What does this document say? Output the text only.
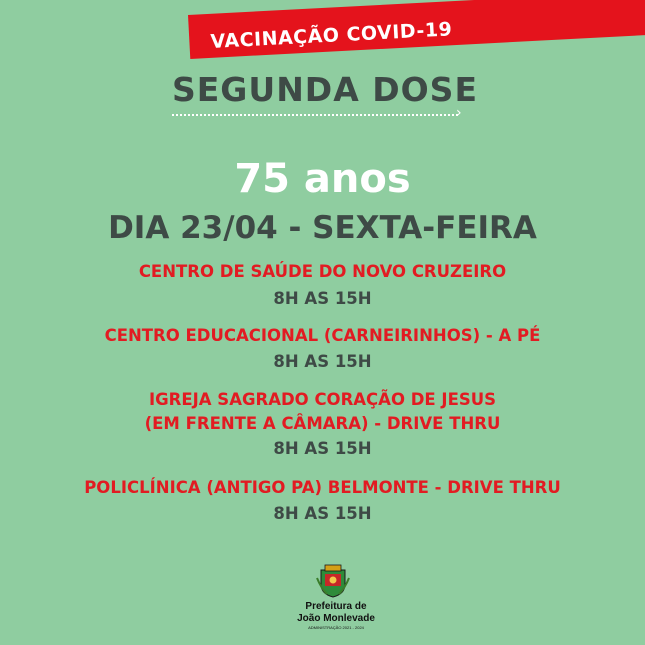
VACINAÇÃO COVID-19
SEGUNDA DOSE
›
75 anos
DIA 23/04 - SEXTA-FEIRA
CENTRO DE SAÚDE DO NOVO CRUZEIRO
8H AS 15H
CENTRO EDUCACIONAL (CARNEIRINHOS) - A PÉ
8H AS 15H
IGREJA SAGRADO CORAÇÃO DE JESUS
(EM FRENTE A CÂMARA) - DRIVE THRU
8H AS 15H
POLICLÍNICA (ANTIGO PA) BELMONTE - DRIVE THRU
8H AS 15H
Prefeitura de
João Monlevade
ADMINISTRAÇÃO 2021 - 2024
